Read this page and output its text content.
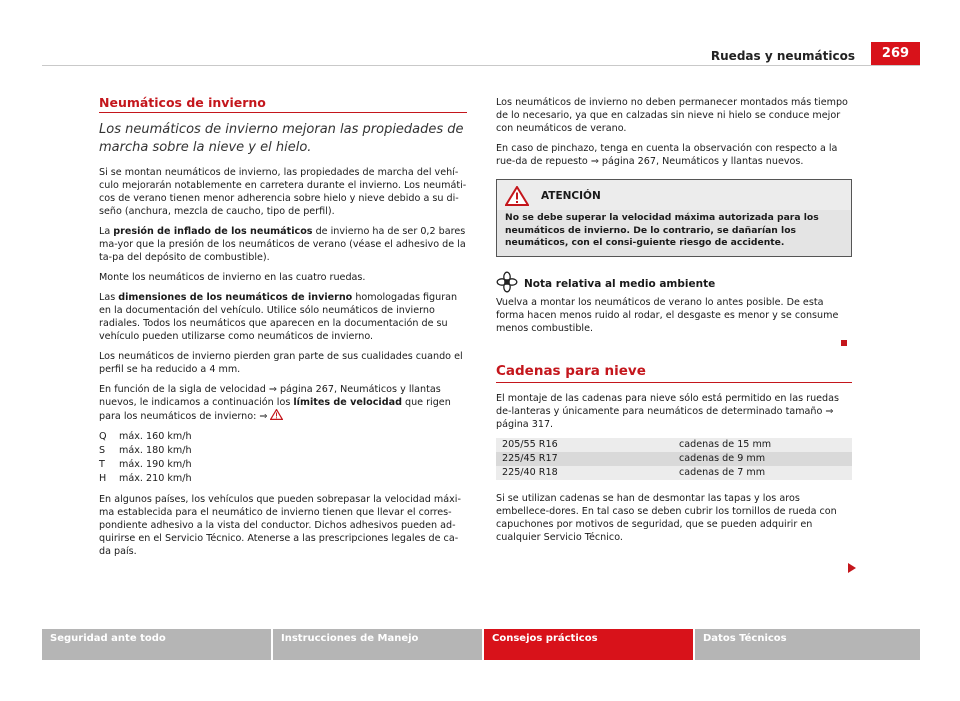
Ruedas y neumáticos	269
Neumáticos de invierno
Los neumáticos de invierno mejoran las propiedades de marcha sobre la nieve y el hielo.

Si se montan neumáticos de invierno, las propiedades de marcha del vehí-culo mejorarán notablemente en carretera durante el invierno. Los neumáti-cos de verano tienen menor adherencia sobre hielo y nieve debido a su di-seño (anchura, mezcla de caucho, tipo de perfil).

La presión de inflado de los neumáticos de invierno ha de ser 0,2 bares ma-yor que la presión de los neumáticos de verano (véase el adhesivo de la ta-pa del depósito de combustible).

Monte los neumáticos de invierno en las cuatro ruedas.

Las dimensiones de los neumáticos de invierno homologadas figuran en la documentación del vehículo. Utilice sólo neumáticos de invierno radiales. Todos los neumáticos que aparecen en la documentación de su vehículo pueden utilizarse como neumáticos de invierno.

Los neumáticos de invierno pierden gran parte de sus cualidades cuando el perfil se ha reducido a 4 mm.

En función de la sigla de velocidad ⇒ página 267, Neumáticos y llantas nuevos, le indicamos a continuación los límites de velocidad que rigen para los neumáticos de invierno: ⇒

Q	máx. 160 km/h
S	máx. 180 km/h
T	máx. 190 km/h
H	máx. 210 km/h

En algunos países, los vehículos que pueden sobrepasar la velocidad máxi-ma establecida para el neumático de invierno tienen que llevar el corres-pondiente adhesivo a la vista del conductor. Dichos adhesivos pueden ad-quirirse en el Servicio Técnico. Atenerse a las prescripciones legales de ca-da país.

Los neumáticos de invierno no deben permanecer montados más tiempo de lo necesario, ya que en calzadas sin nieve ni hielo se conduce mejor con neumáticos de verano.

En caso de pinchazo, tenga en cuenta la observación con respecto a la rue-da de repuesto ⇒ página 267, Neumáticos y llantas nuevos.

ATENCIÓN
No se debe superar la velocidad máxima autorizada para los neumáticos de invierno. De lo contrario, se dañarían los neumáticos, con el consi-guiente riesgo de accidente.
Nota relativa al medio ambiente

Vuelva a montar los neumáticos de verano lo antes posible. De esta forma hacen menos ruido al rodar, el desgaste es menor y se consume menos combustible.

Cadenas para nieve

El montaje de las cadenas para nieve sólo está permitido en las ruedas de-lanteras y únicamente para neumáticos de determinado tamaño ⇒ página 317.

205/55 R16	cadenas de 15 mm
225/45 R17	cadenas de 9 mm
225/40 R18	cadenas de 7 mm

Si se utilizan cadenas se han de desmontar las tapas y los aros embellece-dores. En tal caso se deben cubrir los tornillos de rueda con capuchones por motivos de seguridad, que se pueden adquirir en cualquier Servicio Técnico.

Seguridad ante todo	Instrucciones de Manejo	Consejos prácticos	Datos Técnicos
